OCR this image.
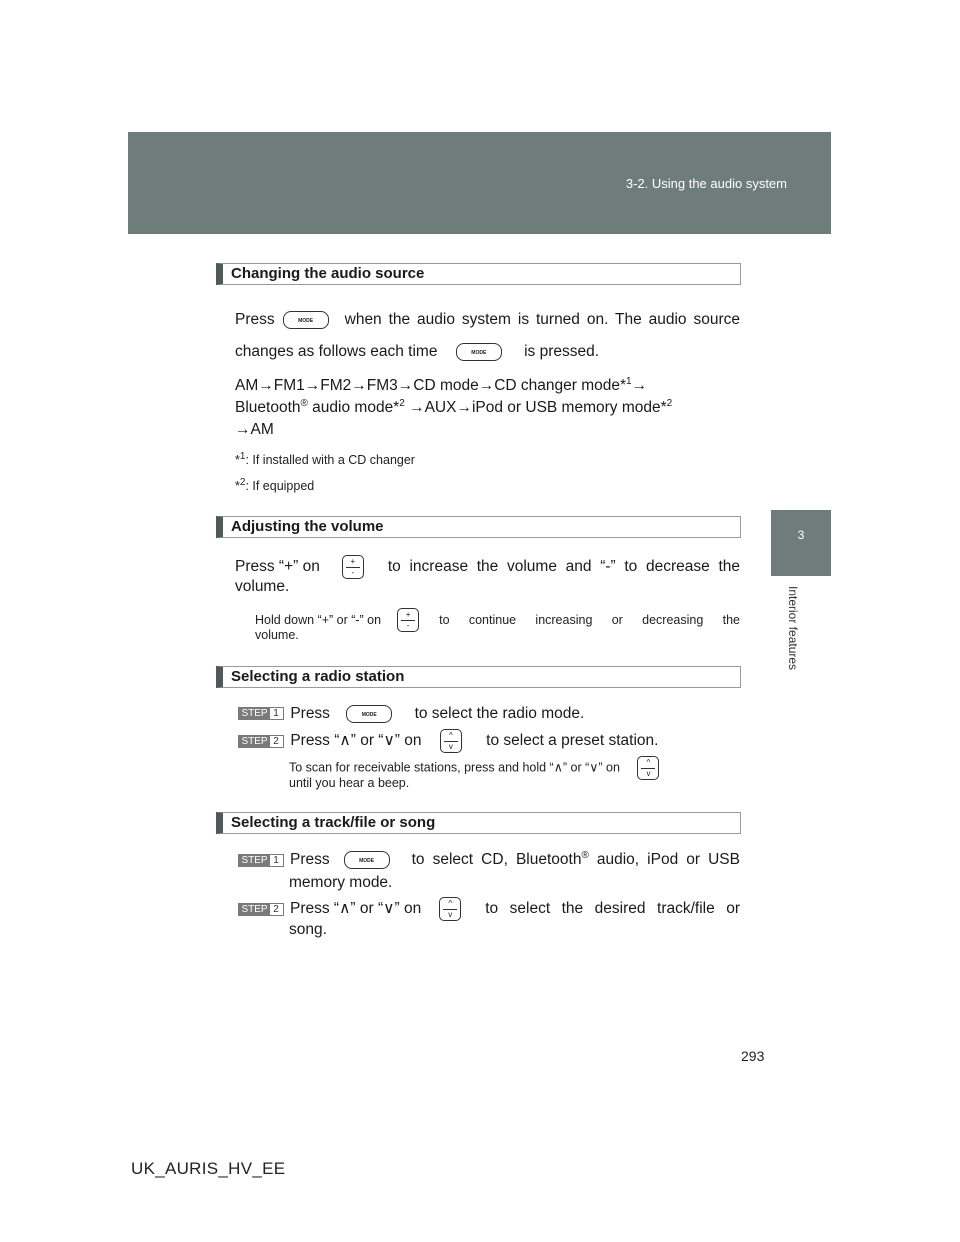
3-2. Using the audio system
3
Interior features
Changing the audio source
Press	MODE	when the audio system is turned on. The audio source
changes as follows each time	MODE is pressed.
AM→FM1→FM2→FM3→CD mode→CD changer mode*$^1$→
Bluetooth® audio mode*$^2$ →AUX→iPod or USB memory mode*$^2$
→AM
*$^1$: If installed with a CD changer
*$^2$: If equipped
Adjusting the volume
Press “+” on	+
-	to increase the volume and “-” to decrease the
volume.
Hold down “+” or “-” on	+
-	to continue increasing or decreasing the
volume.
Selecting a radio station
STEP 1 Press	MODE to select the radio mode.
STEP 2 Press “∧” or “∨” on	^
v	to select a preset station.
To scan for receivable stations, press and hold “∧” or “∨” on	^
v
until you hear a beep.
Selecting a track/file or song
STEP 1 Press	MODE	to select CD, Bluetooth® audio, iPod or USB
memory mode.
STEP 2 Press “∧” or “∨” on	^
v	to select the desired track/file or
song.
293
UK_AURIS_HV_EE
